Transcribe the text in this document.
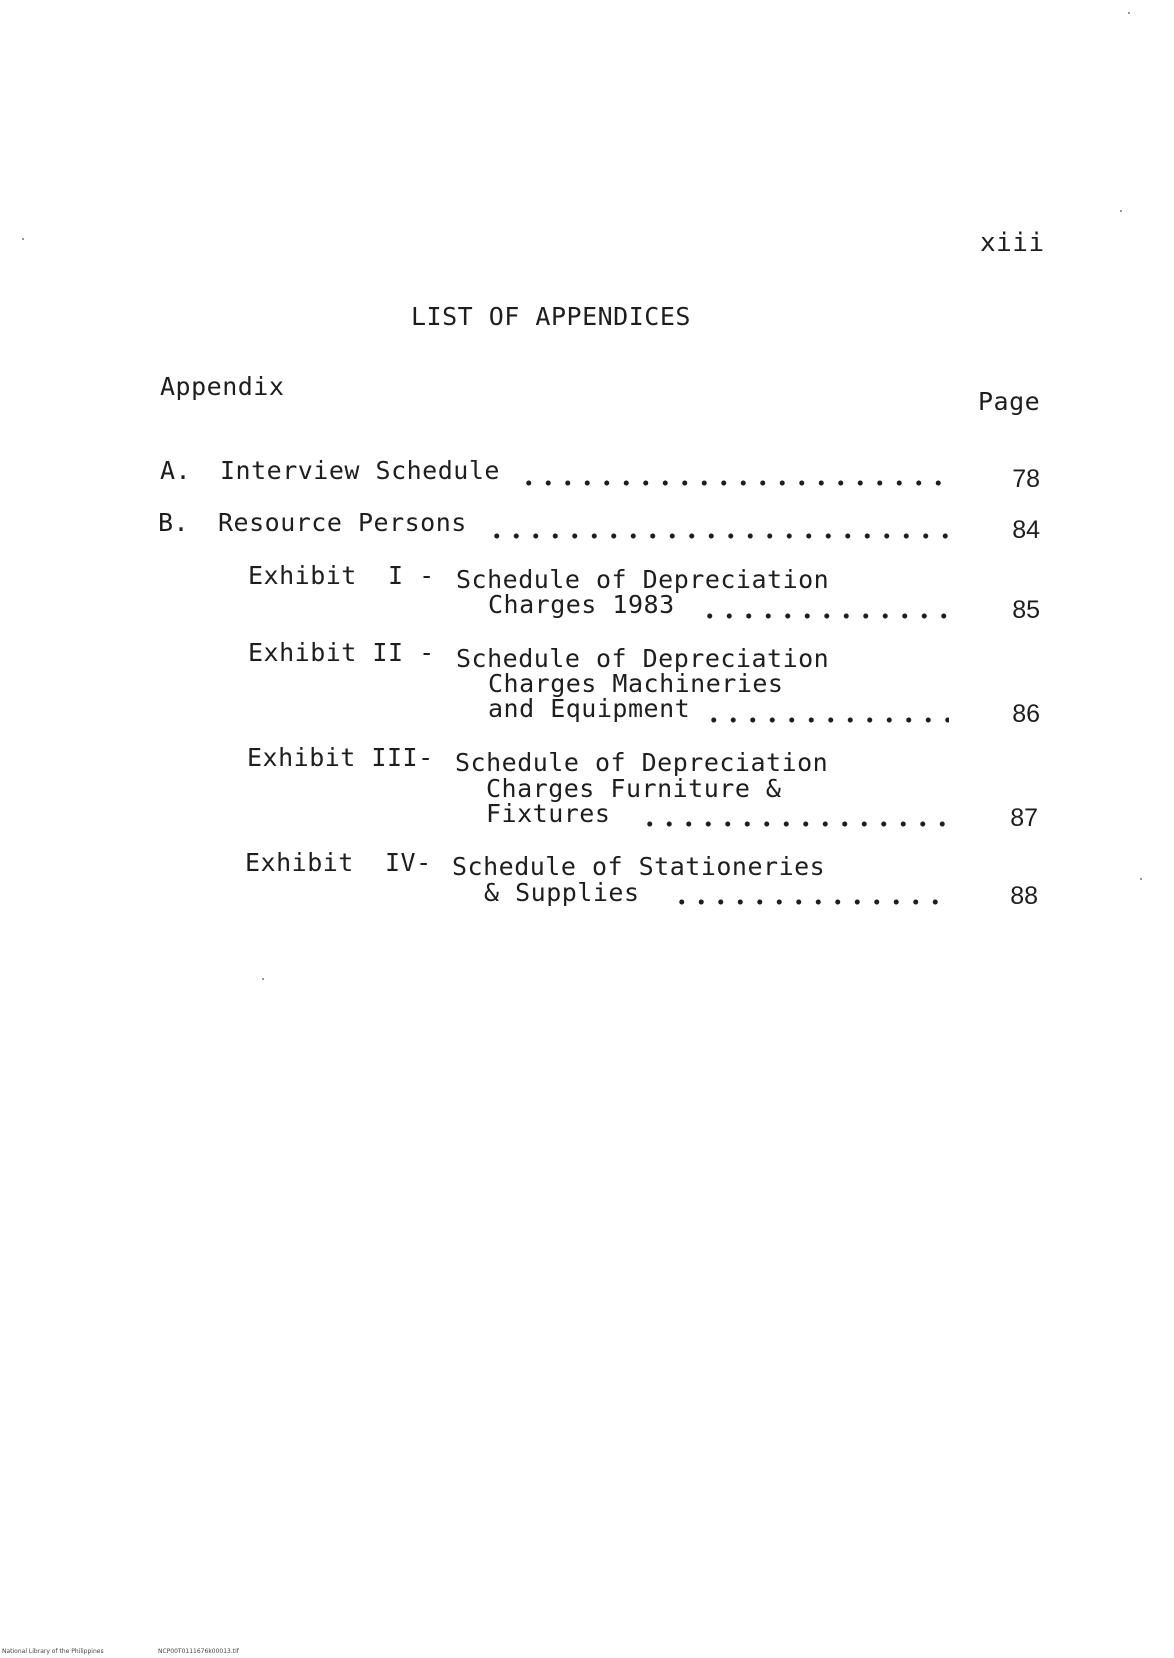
xiii
LIST OF APPENDICES
Appendix
Page
A. Interview Schedule	78
B. Resource Persons	84
Exhibit  I - Schedule of Depreciation
Charges 1983	85
Exhibit II - Schedule of Depreciation
Charges Machineries
and Equipment	86
Exhibit III- Schedule of Depreciation
Charges Furniture &
Fixtures	87
Exhibit  IV- Schedule of Stationeries
& Supplies	88
National Library of the Philippines	NCP00T0111676k00013.tif
